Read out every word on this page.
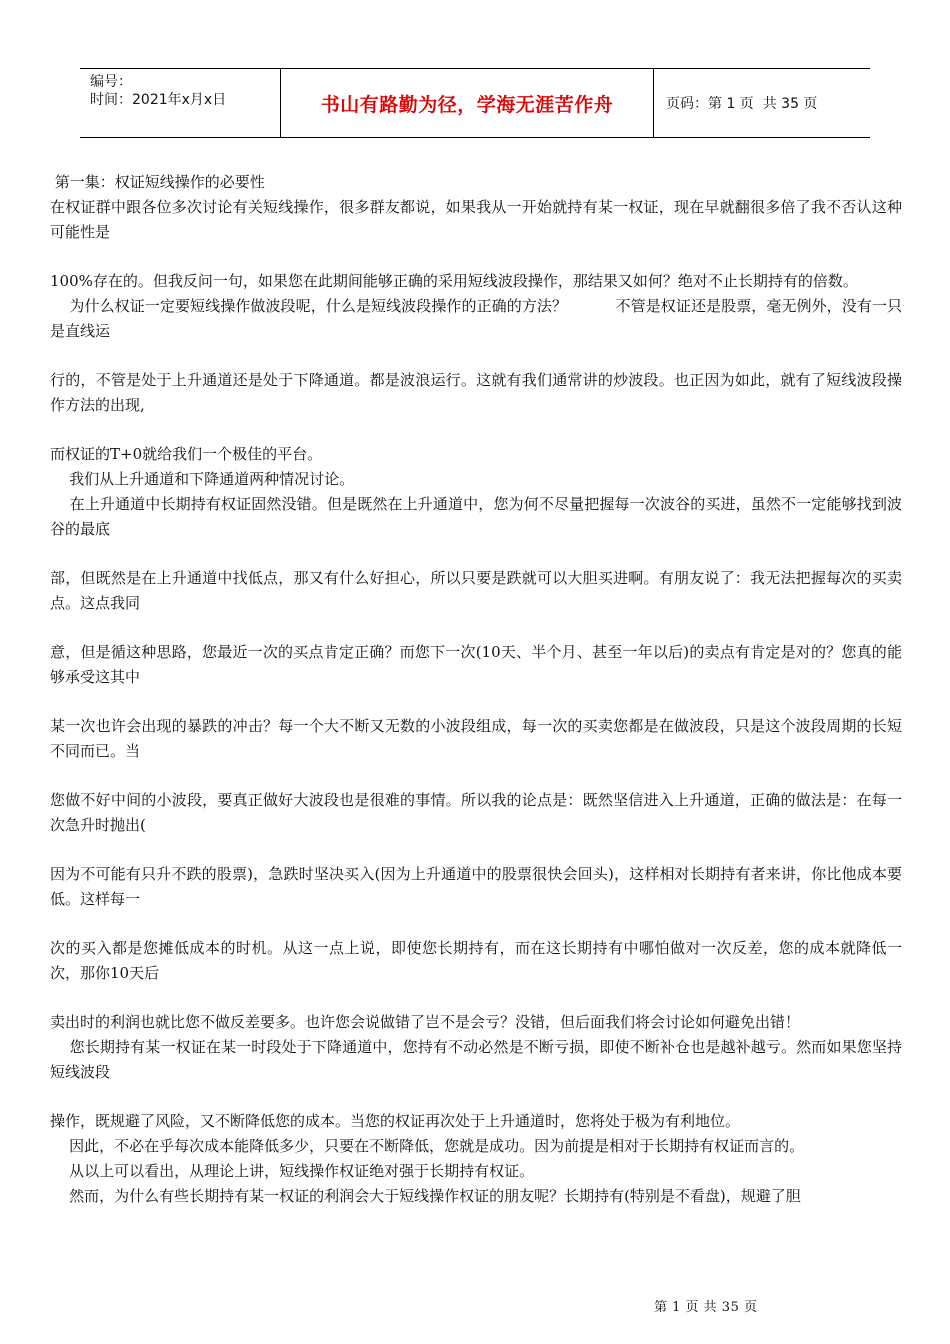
编号：
时间：2021年x月x日	书山有路勤为径，学海无涯苦作舟	页码：第 1 页  共 35 页

第一集：权证短线操作的必要性

在权证群中跟各位多次讨论有关短线操作，很多群友都说，如果我从一开始就持有某一权证，现在早就翻很多倍了我不否认这种可能性是

100%存在的。但我反问一句，如果您在此期间能够正确的采用短线波段操作，那结果又如何？绝对不止长期持有的倍数。

为什么权证一定要短线操作做波段呢，什么是短线波段操作的正确的方法？          不管是权证还是股票，毫无例外，没有一只是直线运

行的，不管是处于上升通道还是处于下降通道。都是波浪运行。这就有我们通常讲的炒波段。也正因为如此，就有了短线波段操作方法的出现,

而权证的T+0就给我们一个极佳的平台。

我们从上升通道和下降通道两种情况讨论。

在上升通道中长期持有权证固然没错。但是既然在上升通道中，您为何不尽量把握每一次波谷的买进，虽然不一定能够找到波谷的最底

部，但既然是在上升通道中找低点，那又有什么好担心，所以只要是跌就可以大胆买进啊。有朋友说了：我无法把握每次的买卖点。这点我同

意，但是循这种思路，您最近一次的买点肯定正确？而您下一次(10天、半个月、甚至一年以后)的卖点有肯定是对的？您真的能够承受这其中

某一次也许会出现的暴跌的冲击？每一个大不断又无数的小波段组成，每一次的买卖您都是在做波段，只是这个波段周期的长短不同而已。当

您做不好中间的小波段，要真正做好大波段也是很难的事情。所以我的论点是：既然坚信进入上升通道，正确的做法是：在每一次急升时抛出(

因为不可能有只升不跌的股票)，急跌时坚决买入(因为上升通道中的股票很快会回头)，这样相对长期持有者来讲，你比他成本要低。这样每一

次的买入都是您摊低成本的时机。从这一点上说，即使您长期持有，而在这长期持有中哪怕做对一次反差，您的成本就降低一次，那你10天后

卖出时的利润也就比您不做反差要多。也许您会说做错了岂不是会亏？没错，但后面我们将会讨论如何避免出错！

您长期持有某一权证在某一时段处于下降通道中，您持有不动必然是不断亏损，即使不断补仓也是越补越亏。然而如果您坚持短线波段

操作，既规避了风险，又不断降低您的成本。当您的权证再次处于上升通道时，您将处于极为有利地位。

因此，不必在乎每次成本能降低多少，只要在不断降低，您就是成功。因为前提是相对于长期持有权证而言的。

从以上可以看出，从理论上讲，短线操作权证绝对强于长期持有权证。

然而，为什么有些长期持有某一权证的利润会大于短线操作权证的朋友呢？长期持有(特别是不看盘)，规避了胆

第 1 页 共 35 页
